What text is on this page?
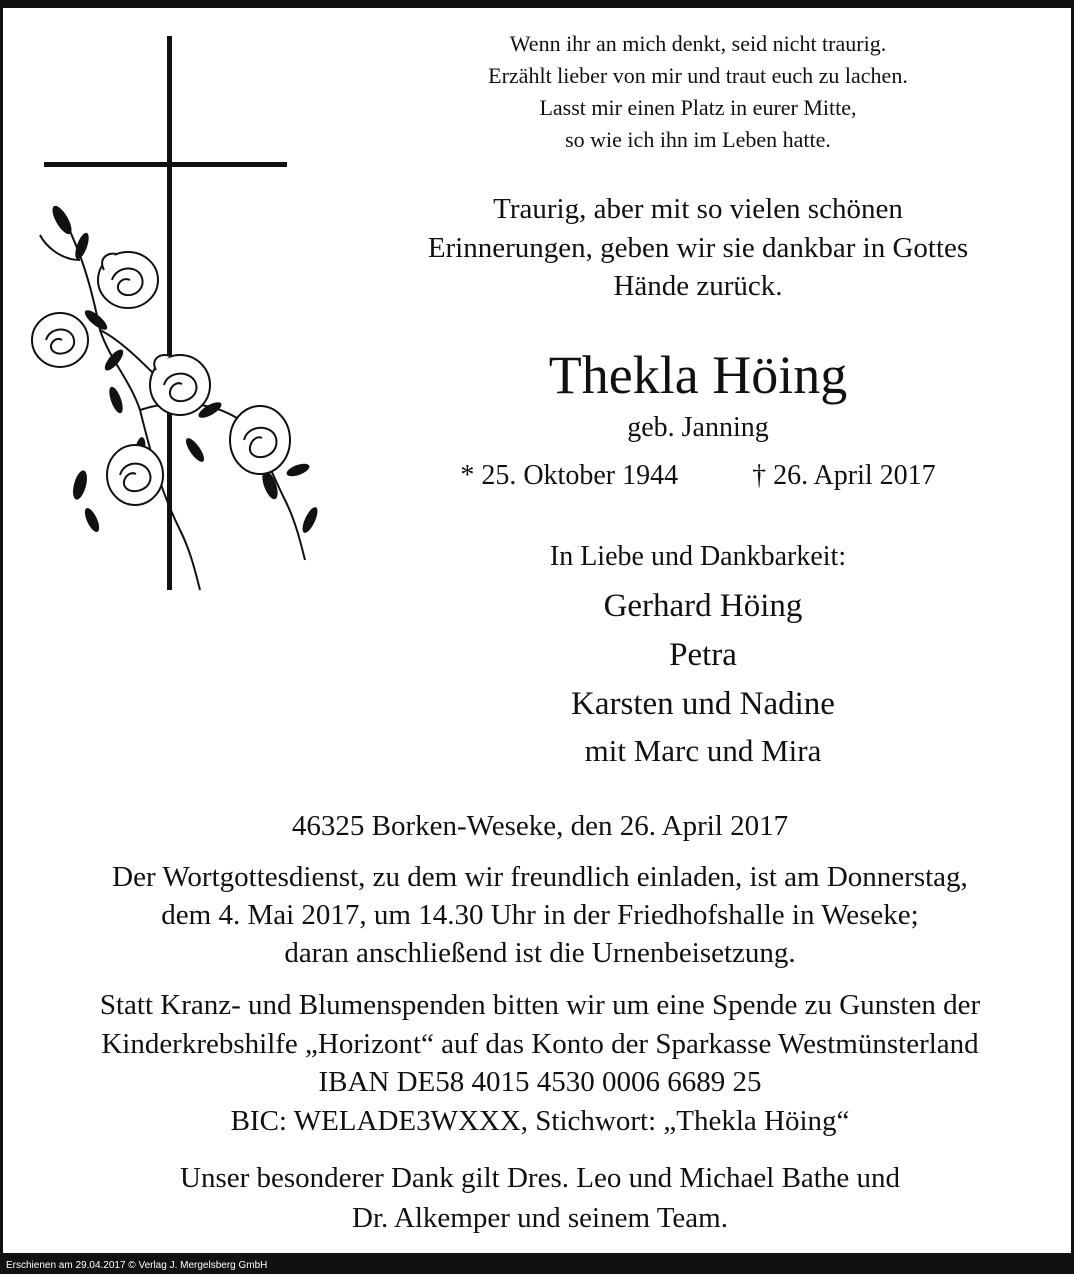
Erschienen am 29.04.2017 © Verlag J. Mergelsberg GmbH
Wenn ihr an mich denkt, seid nicht traurig.
Erzählt lieber von mir und traut euch zu lachen.
Lasst mir einen Platz in eurer Mitte,
so wie ich ihn im Leben hatte.
Traurig, aber mit so vielen schönen
Erinnerungen, geben wir sie dankbar in Gottes
Hände zurück.
Thekla Höing
geb. Janning
* 25. Oktober 1944	† 26. April 2017
In Liebe und Dankbarkeit:
Gerhard Höing
Petra
Karsten und Nadine
mit Marc und Mira
46325 Borken-Weseke, den 26. April 2017
Der Wortgottesdienst, zu dem wir freundlich einladen, ist am Donnerstag,
dem 4. Mai 2017, um 14.30 Uhr in der Friedhofshalle in Weseke;
daran anschließend ist die Urnenbeisetzung.
Statt Kranz- und Blumenspenden bitten wir um eine Spende zu Gunsten der
Kinderkrebshilfe „Horizont“ auf das Konto der Sparkasse Westmünsterland
IBAN DE58 4015 4530 0006 6689 25
BIC: WELADE3WXXX, Stichwort: „Thekla Höing“
Unser besonderer Dank gilt Dres. Leo und Michael Bathe und
Dr. Alkemper und seinem Team.
